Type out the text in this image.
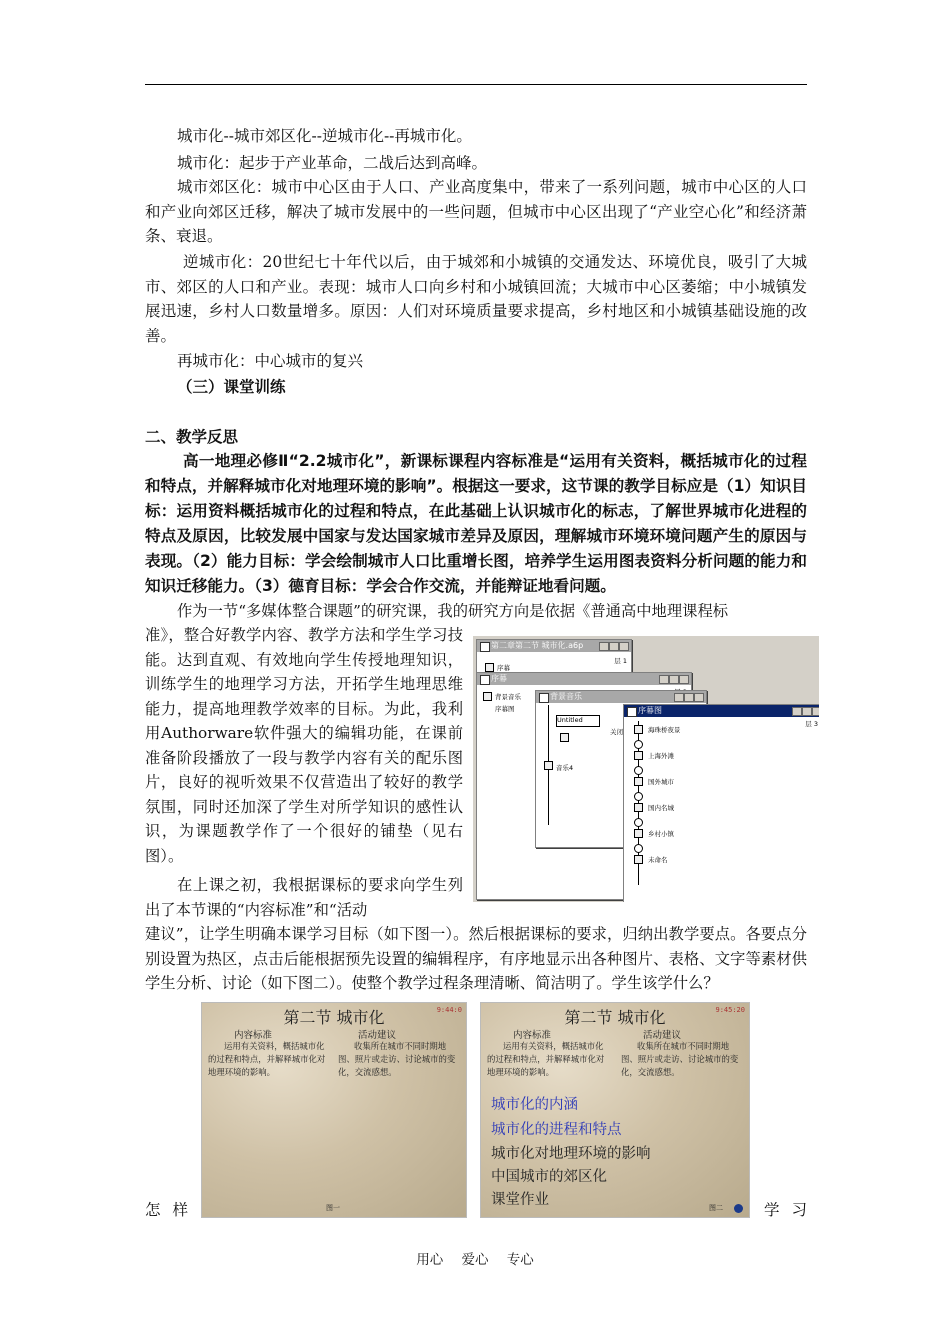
城市化--城市郊区化--逆城市化--再城市化。
城市化：起步于产业革命，二战后达到高峰。
城市郊区化：城市中心区由于人口、产业高度集中，带来了一系列问题，城市中心区的人口和产业向郊区迁移，解决了城市发展中的一些问题，但城市中心区出现了“产业空心化”和经济萧条、衰退。
逆城市化：20世纪七十年代以后，由于城郊和小城镇的交通发达、环境优良，吸引了大城市、郊区的人口和产业。表现：城市人口向乡村和小城镇回流；大城市中心区萎缩；中小城镇发展迅速，乡村人口数量增多。原因：人们对环境质量要求提高，乡村地区和小城镇基础设施的改善。
再城市化：中心城市的复兴
（三）课堂训练
二、教学反思
高一地理必修Ⅱ“2.2城市化”，新课标课程内容标准是“运用有关资料，概括城市化的过程和特点，并解释城市化对地理环境的影响”。根据这一要求，这节课的教学目标应是（1）知识目标：运用资料概括城市化的过程和特点，在此基础上认识城市化的标志，了解世界城市化进程的特点及原因，比较发展中国家与发达国家城市差异及原因，理解城市环境环境问题产生的原因与表现。（2）能力目标：学会绘制城市人口比重增长图，培养学生运用图表资料分析问题的能力和知识迁移能力。（3）德育目标：学会合作交流，并能辩证地看问题。
作为一节“多媒体整合课题”的研究课，我的研究方向是依据《普通高中地理课程标
准》，整合好教学内容、教学方法和学生学习技能。达到直观、有效地向学生传授地理知识，训练学生的地理学习方法，开拓学生地理思维能力，提高地理教学效率的目标。为此，我利用Authorware软件强大的编辑功能，在课前准备阶段播放了一段与教学内容有关的配乐图片，良好的视听效果不仅营造出了较好的教学氛围，同时还加深了学生对所学知识的感性认识，为课题教学作了一个很好的铺垫（见右图）。
在上课之初，我根据课标的要求向学生列出了本节课的“内容标准”和“活动
建议”，让学生明确本课学习目标（如下图一）。然后根据课标的要求，归纳出教学要点。各要点分别设置为热区，点击后能根据预先设置的编辑程序，有序地显示出各种图片、表格、文字等素材供学生分析、讨论（如下图二）。使整个教学过程条理清晰、简洁明了。学生该学什么？
第二章第二节 城市化.a6p
层 1
序幕
序幕
背景音乐
序幕图
背景音乐
Untitled
关闭
音乐4
序幕图
层 3
海珠桥夜景
上海外滩
国外城市
国内名城
乡村小镇
未命名
第二节 城市化	9:44:0
内容标准	活动建议
运用有关资料，概括城市化的过程和特点，并解释城市化对地理环境的影响。
收集所在城市不同时期地图、照片或走访、讨论城市的变化，交流感想。
图一
第二节 城市化	9:45:20
内容标准	活动建议
运用有关资料，概括城市化的过程和特点，并解释城市化对地理环境的影响。
收集所在城市不同时期地图、照片或走访、讨论城市的变化，交流感想。
城市化的内涵
城市化的进程和特点
城市化对地理环境的影响
中国城市的郊区化
课堂作业	图二
怎样	学习
用心 爱心 专心
